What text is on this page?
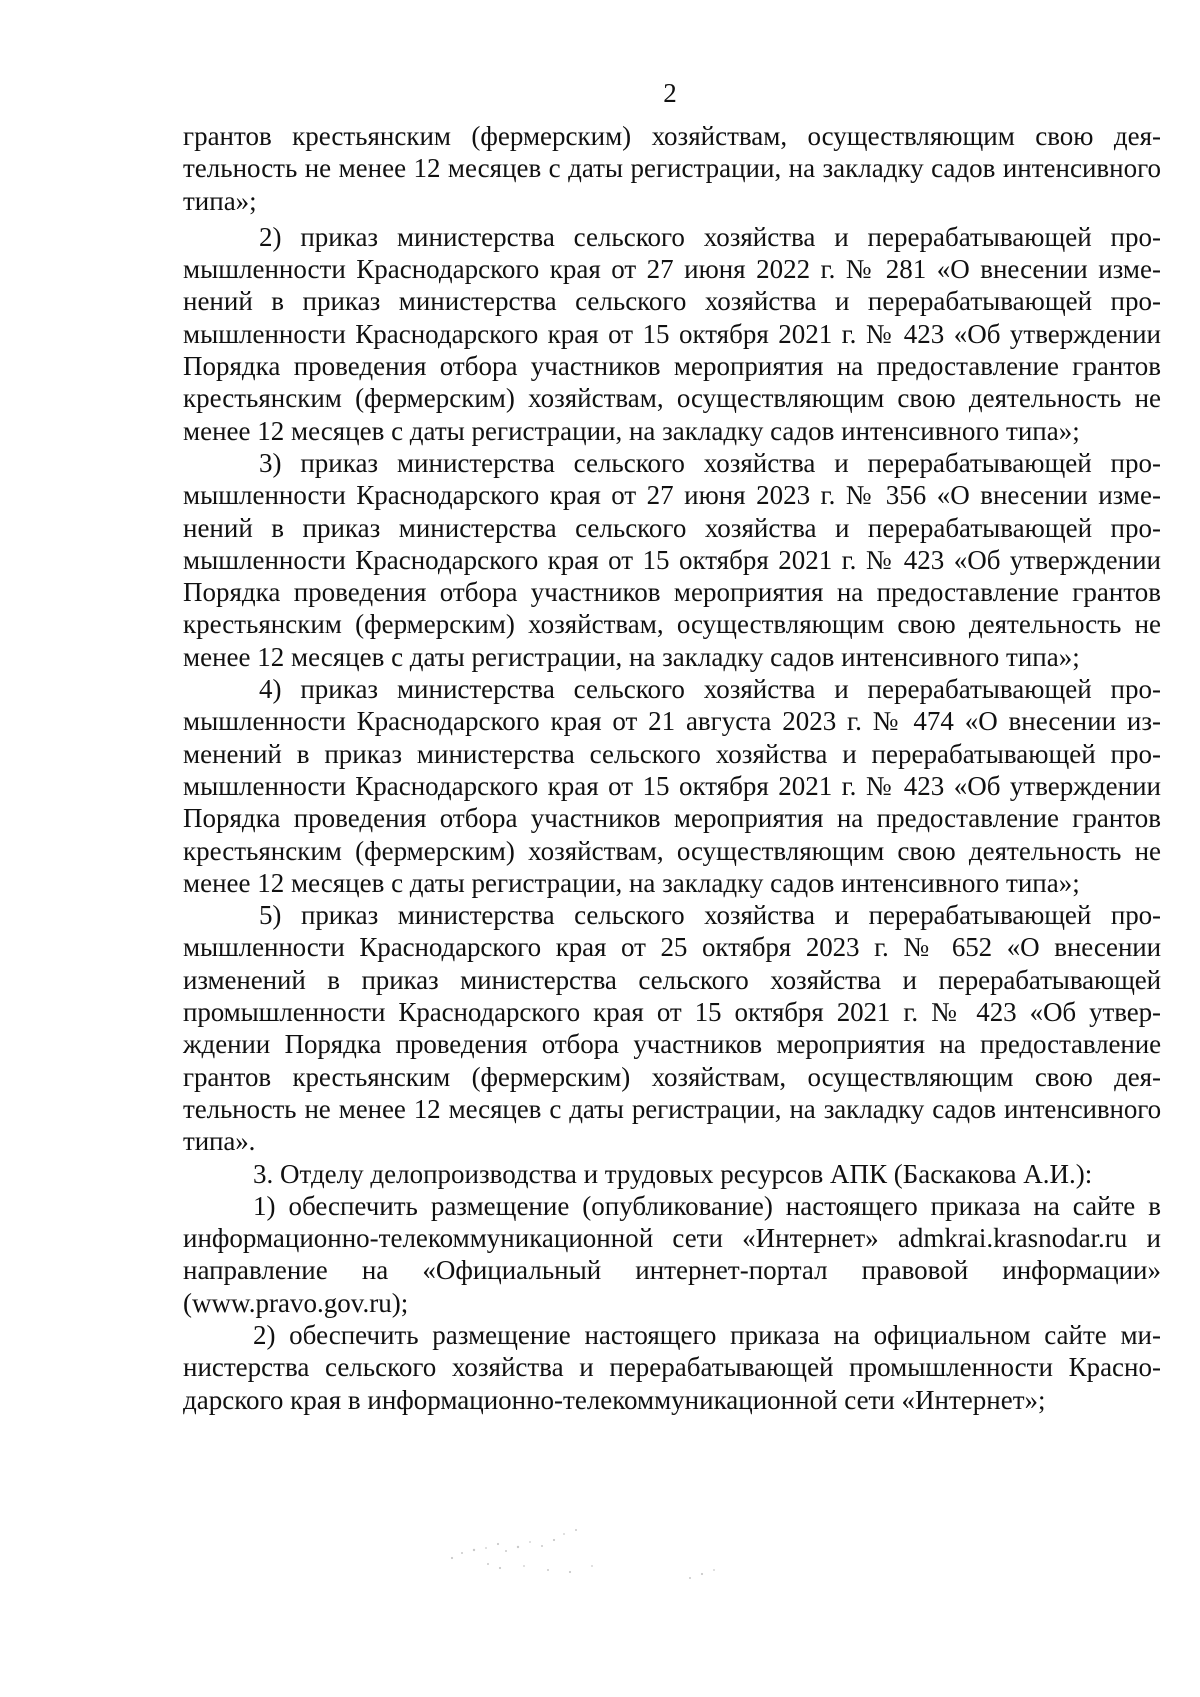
2

грантов крестьянским (фермерским) хозяйствам, осуществляющим свою деятельность не менее 12 месяцев с даты регистрации, на закладку садов интенсивного типа»;

2) приказ министерства сельского хозяйства и перерабатывающей промышленности Краснодарского края от 27 июня 2022 г. № 281 «О внесении изменений в приказ министерства сельского хозяйства и перерабатывающей промышленности Краснодарского края от 15 октября 2021 г. № 423 «Об утверждении Порядка проведения отбора участников мероприятия на предоставление грантов крестьянским (фермерским) хозяйствам, осуществляющим свою деятельность не менее 12 месяцев с даты регистрации, на закладку садов интенсивного типа»;

3) приказ министерства сельского хозяйства и перерабатывающей промышленности Краснодарского края от 27 июня 2023 г. № 356 «О внесении изменений в приказ министерства сельского хозяйства и перерабатывающей промышленности Краснодарского края от 15 октября 2021 г. № 423 «Об утверждении Порядка проведения отбора участников мероприятия на предоставление грантов крестьянским (фермерским) хозяйствам, осуществляющим свою деятельность не менее 12 месяцев с даты регистрации, на закладку садов интенсивного типа»;

4) приказ министерства сельского хозяйства и перерабатывающей промышленности Краснодарского края от 21 августа 2023 г. № 474 «О внесении изменений в приказ министерства сельского хозяйства и перерабатывающей промышленности Краснодарского края от 15 октября 2021 г. № 423 «Об утверждении Порядка проведения отбора участников мероприятия на предоставление грантов крестьянским (фермерским) хозяйствам, осуществляющим свою деятельность не менее 12 месяцев с даты регистрации, на закладку садов интенсивного типа»;

5) приказ министерства сельского хозяйства и перерабатывающей промышленности Краснодарского края от 25 октября 2023 г. № 652 «О внесении изменений в приказ министерства сельского хозяйства и перерабатывающей промышленности Краснодарского края от 15 октября 2021 г. № 423 «Об утверждении Порядка проведения отбора участников мероприятия на предоставление грантов крестьянским (фермерским) хозяйствам, осуществляющим свою деятельность не менее 12 месяцев с даты регистрации, на закладку садов интенсивного типа».

3. Отделу делопроизводства и трудовых ресурсов АПК (Баскакова А.И.):

1) обеспечить размещение (опубликование) настоящего приказа на сайте в информационно-телекоммуникационной сети «Интернет» admkrai.krasnodar.ru и направление на «Официальный интернет-портал правовой информации» (www.pravo.gov.ru);

2) обеспечить размещение настоящего приказа на официальном сайте министерства сельского хозяйства и перерабатывающей промышленности Краснодарского края в информационно-телекоммуникационной сети «Интернет»;
